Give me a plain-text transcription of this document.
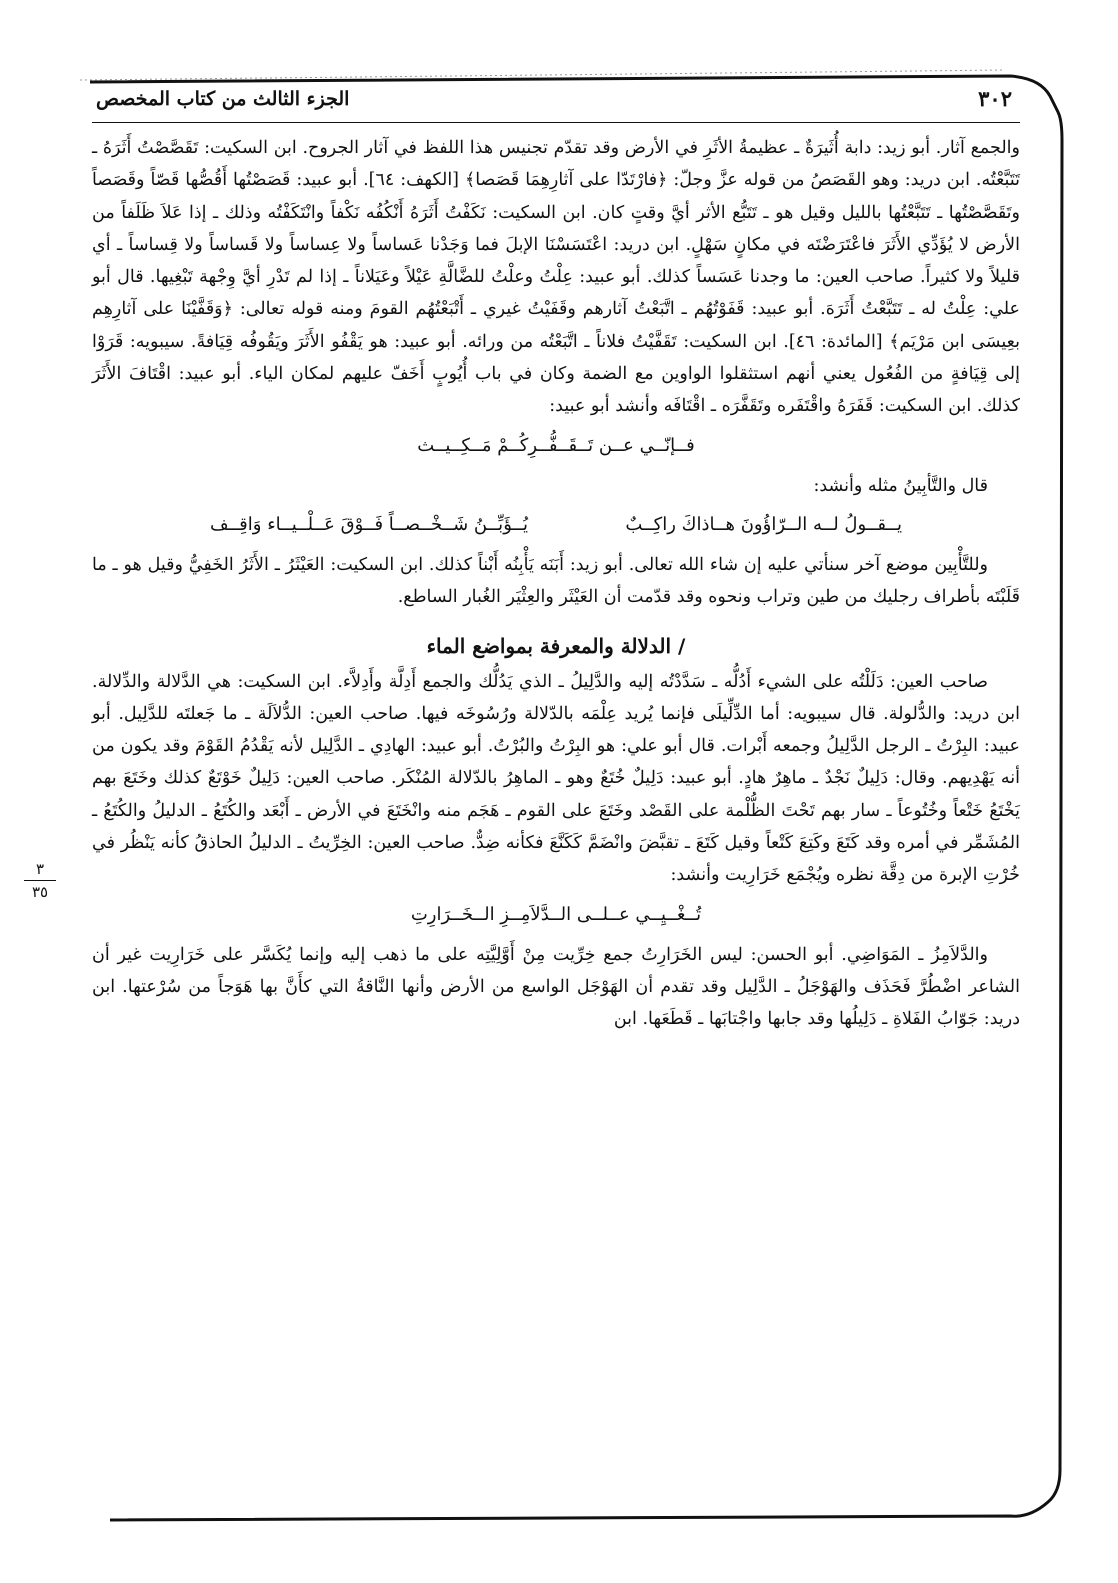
٣٠٢
الجزء الثالث من كتاب المخصص

والجمع آثار. أبو زيد: دابة أُثَيرَةٌ ـ عظيمةُ الأثَرِ في الأرض وقد تقدّم تجنيس هذا اللفظ في آثار الجروح. ابن السكيت: تَقَصَّصْتُ أَثَرَهُ ـ تَتَبَّعْتُه. ابن دريد: وهو القَصَصُ من قوله عزَّ وجلّ: ﴿فارْتَدّا على آثارِهِمَا قَصَصا﴾ [الكهف: ٦٤]. أبو عبيد: قَصَصْتُها أَقُصُّها قَصّاً وقَصَصاً وتَقَصَّصْتُها ـ تَتَبَّعْتُها بالليل وقيل هو ـ تَتَبُّع الأثر أيَّ وقتٍ كان. ابن السكيت: نَكَفْتُ أَثَرَهُ أَنْكُفُه نَكْفاً وانْتَكَفْتُه وذلك ـ إذا عَلاَ ظَلَفاً من الأرض لا يُؤَدِّي الأَثَرَ فاعْتَرَضْتَه في مكانٍ سَهْلٍ. ابن دريد: اعْتَسَسْنَا الإبلَ فما وَجَدْنا عَساساً ولا عِساساً ولا قَساساً ولا قِساساً ـ أي قليلاً ولا كثيراً. صاحب العين: ما وجدنا عَسَساً كذلك. أبو عبيد: عِلْتُ وعلْتُ للضَّالَّةِ عَيْلاً وعَيَلاناً ـ إذا لم تَدْرِ أيَّ وِجْهة تَبْغِيها. قال أبو علي: عِلْتُ له ـ تَتَبَّعْتُ أَثَرَهَ. أبو عبيد: قَفَوْتُهُم ـ اتَّبَعْتُ آثارهم وقَفَيْتُ غيري ـ أَتْبَعْتُهُم القومَ ومنه قوله تعالى: ﴿وَقَفَّيْنَا على آثارِهِم بعِيسَى ابن مَرْيَم﴾ [المائدة: ٤٦]. ابن السكيت: تَقَفَّيْتُ فلاناً ـ اتَّبَعْتُه من ورائه. أبو عبيد: هو يَقْفُو الأَثَرَ ويَقُوفُه قِيَافةً. سيبويه: قَرَوْا إلى قِيَافةٍ من الفُعُول يعني أنهم استثقلوا الواوين مع الضمة وكان في باب أُيُوبٍ أَخَفّ عليهم لمكان الياء. أبو عبيد: اقْتَافَ الأَثَرَ كذلك. ابن السكيت: قَفَرَهُ واقْتَفَره وتَقَفَّرَه ـ اقْتَافَه وأنشد أبو عبيد:

فــإنّــي عــن تَــقَــفُّــرِكُــمْ مَــكِــيــث

قال والتَّأبِينُ مثله وأنشد:

يــقــولُ لــه الــرّاؤُونَ هــاذاكَ راكِــبٌ
يُــؤَبِّــنُ شَــخْــصــاً فَــوْقَ عَــلْــيــاء وَاقِــف

وللتَّأْبِين موضع آخر سنأتي عليه إن شاء الله تعالى. أبو زيد: أَبَنَه يَأْبِنُه أَبْناً كذلك. ابن السكيت: العَيْثَرُ ـ الأَثَرُ الخَفِيُّ وقيل هو ـ ما قَلَبْتَه بأطراف رجليك من طين وتراب ونحوه وقد قدّمت أن العَيْثَر والعِثْيَر الغُبار الساطع.

/ الدلالة والمعرفة بمواضع الماء

صاحب العين: دَلَلْتُه على الشيء أَدُلُّه ـ سَدَّدْتُه إليه والدَّلِيلُ ـ الذي يَدُلُّك والجمع أَدِلَّة وأَدِلاَّء. ابن السكيت: هي الدَّلالة والدِّلالة. ابن دريد: والدُّلولة. قال سيبويه: أما الدِّلِّيلَى فإنما يُريد عِلْمَه بالدّلالة ورُسُوخَه فيها. صاحب العين: الدُّلاَلَة ـ ما جَعلتَه للدَّلِيل. أبو عبيد: البِرْتُ ـ الرجل الدَّلِيلُ وجمعه أَبْرات. قال أبو علي: هو البِرْتُ والبُرْتُ. أبو عبيد: الهادِي ـ الدَّلِيل لأنه يَقْدُمُ القَوْمَ وقد يكون من أنه يَهْدِيهم. وقال: دَلِيلٌ نَجْدٌ ـ ماهِرٌ هادٍ. أبو عبيد: دَلِيلٌ خُتَعٌ وهو ـ الماهِرُ بالدّلالة المُنْكَر. صاحب العين: دَلِيلٌ خَوْتَعٌ كذلك وخَتَعَ بهم يَخْتَعُ خَتْعاً وخُتُوعاً ـ سار بهم تَحْتَ الظُّلْمة على القَصْد وخَتَعَ على القوم ـ هَجَم منه وانْخَتَعَ في الأرض ـ أَبْعَد والكُتَعُ ـ الدليلُ والكُتَعُ ـ المُشَمِّر في أمره وقد كَتَعَ وكَتِعَ كَتْعاً وقيل كَتَعَ ـ تقبَّضَ وانْضَمَّ كَكَنَّعَ فكأنه ضِدٌّ. صاحب العين: الخِرِّيتُ ـ الدليلُ الحاذقُ كأنه يَنْظُر في خُرْتِ الإبرة من دِقَّة نظره ويُجْمَع خَرَارِيت وأنشد:

تُــغْــيِــي عــلــى الــدَّلاَمِــزِ الــخَــرَارِتِ

والدَّلاَمِزُ ـ المَوَاضِي. أبو الحسن: ليس الخَرَارِتُ جمع خِرِّيت مِنْ أَوَّلِيَّتِه على ما ذهب إليه وإنما يُكَسَّر على خَرَارِيت غير أن الشاعر اضْطُرَّ فَحَذَف والهَوْجَلُ ـ الدَّلِيل وقد تقدم أن الهَوْجَل الواسع من الأرض وأنها النَّاقةُ التي كأَنَّ بها هَوَجاً من سُرْعتها. ابن دريد: جَوّابُ الفَلاةِ ـ دَلِيلُها وقد جابها واجْتابَها ـ قَطَعَها. ابن

٣
٣٥
